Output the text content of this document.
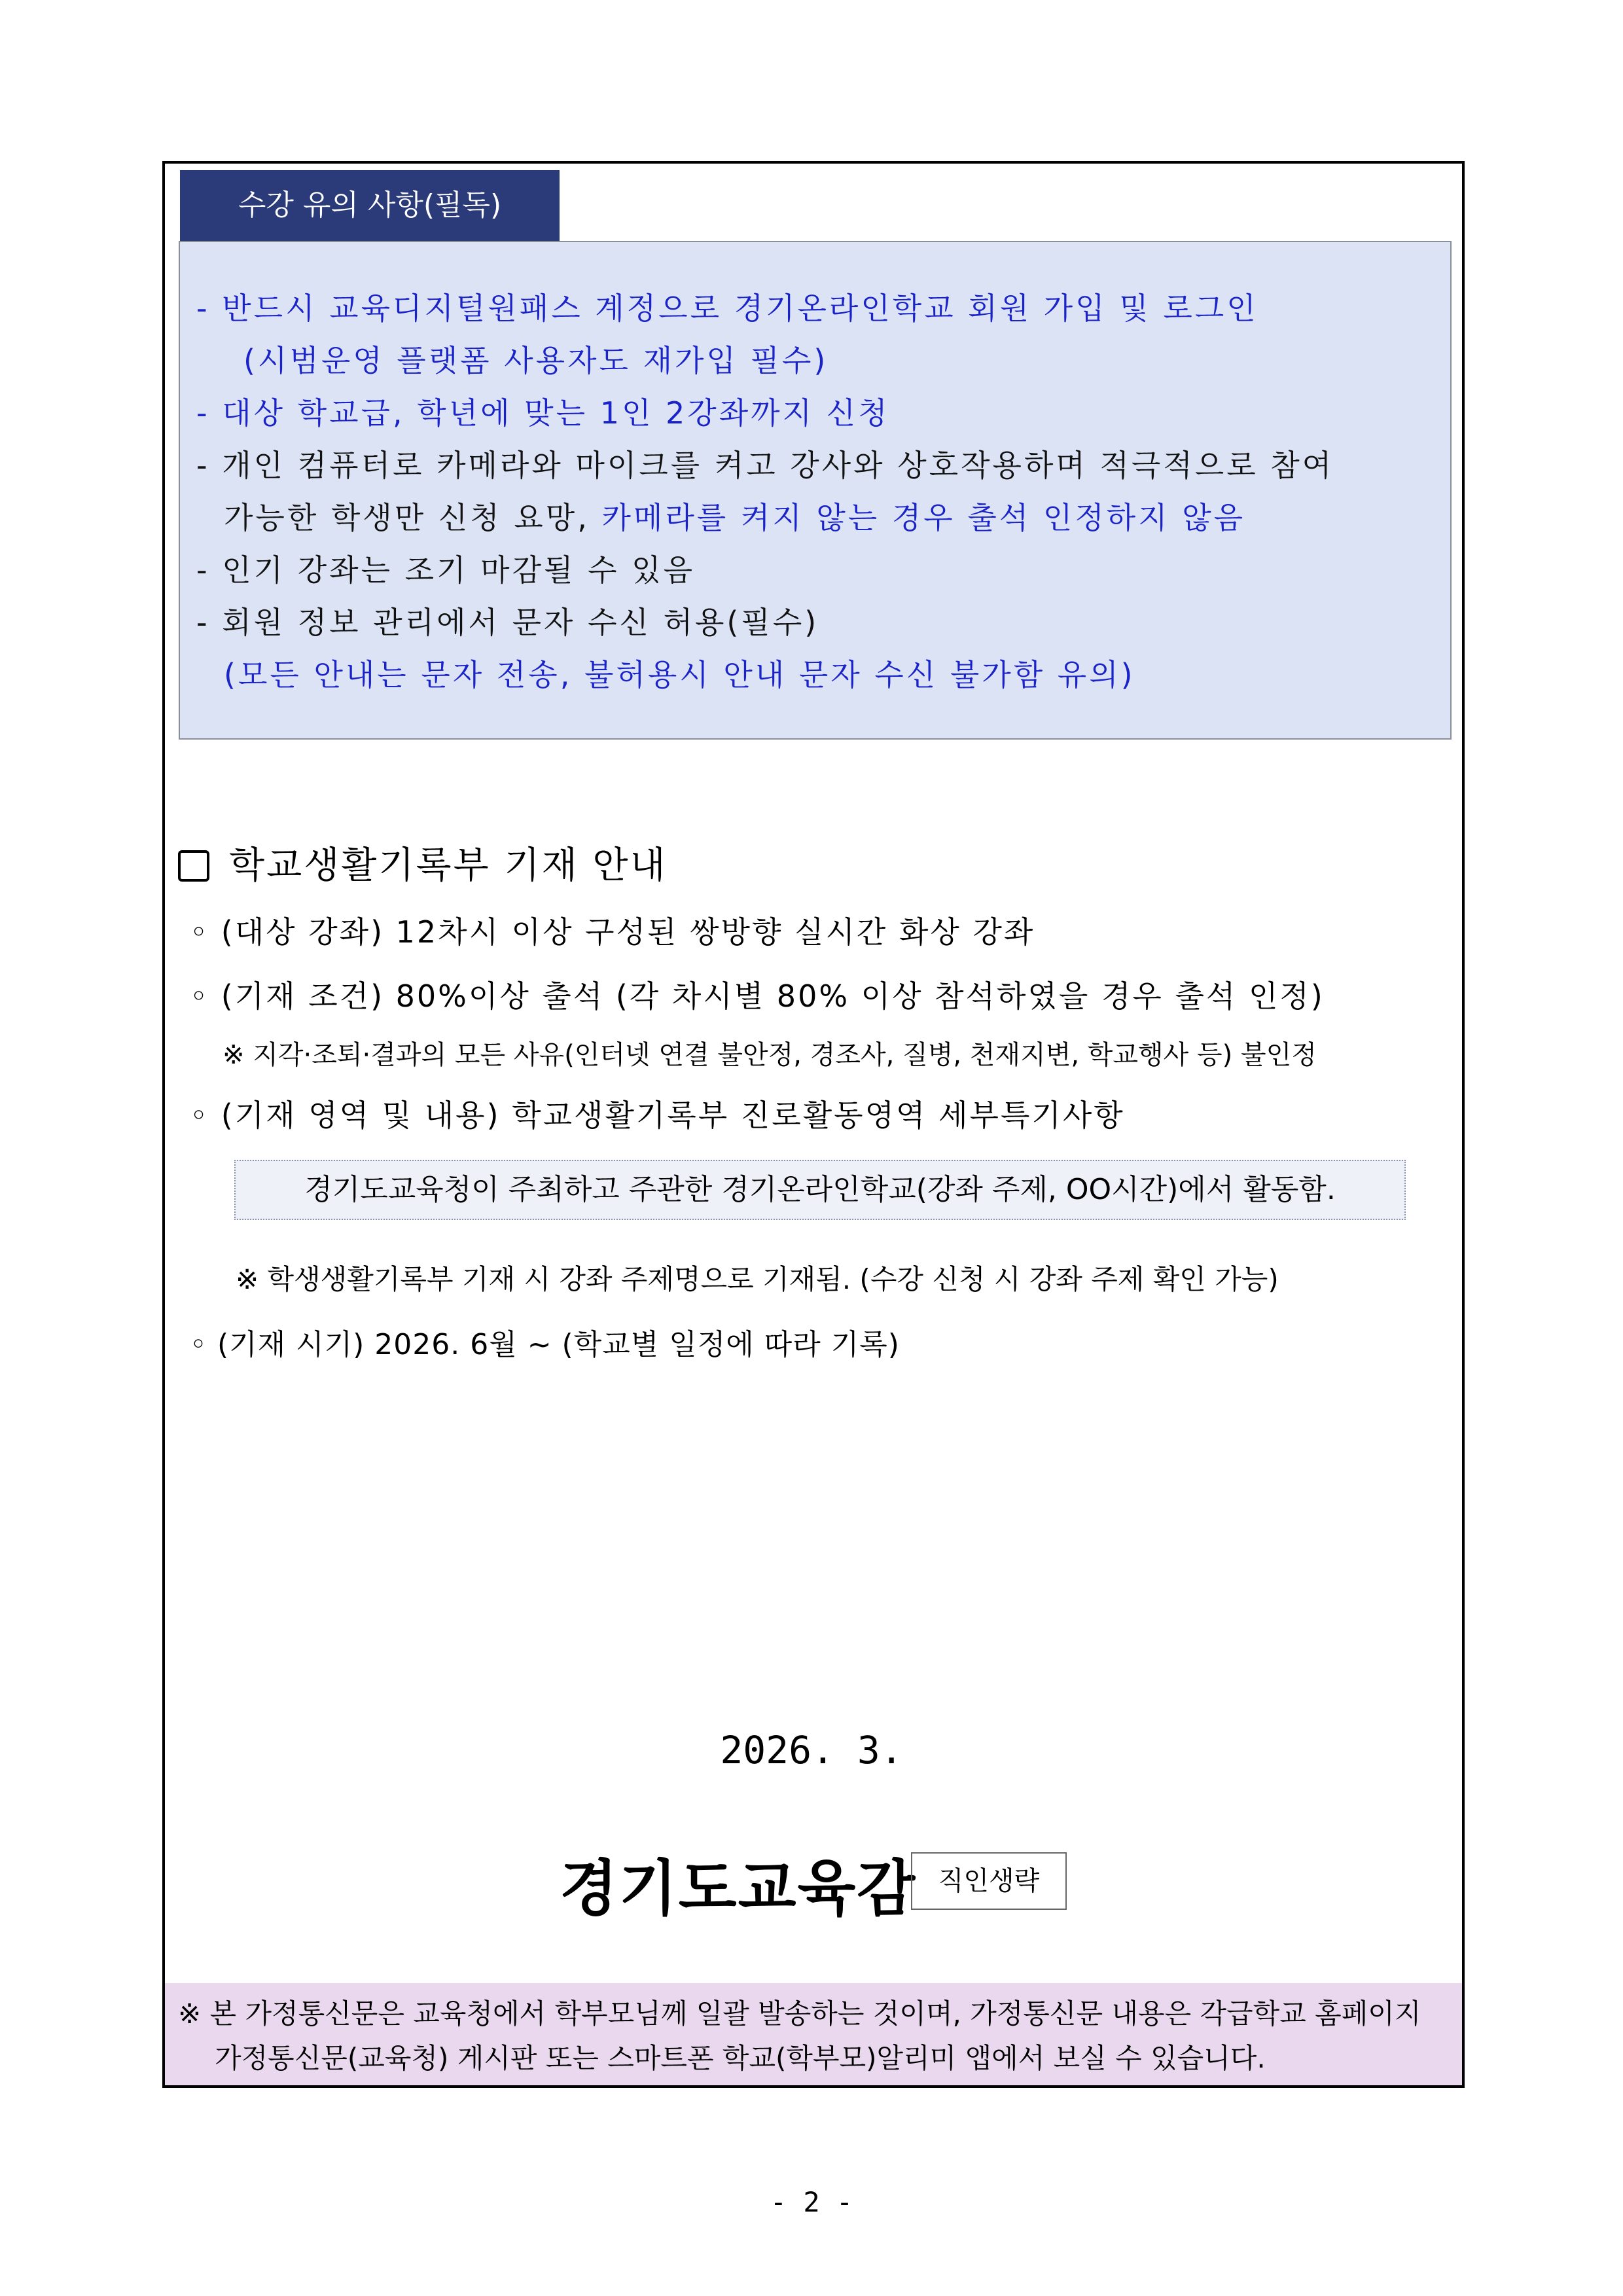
수강 유의 사항(필독)
- 반드시 교육디지털원패스 계정으로 경기온라인학교 회원 가입 및 로그인
(시범운영 플랫폼 사용자도 재가입 필수)
- 대상 학교급, 학년에 맞는 1인 2강좌까지 신청
- 개인 컴퓨터로 카메라와 마이크를 켜고 강사와 상호작용하며 적극적으로 참여
가능한 학생만 신청 요망, 카메라를 켜지 않는 경우 출석 인정하지 않음
- 인기 강좌는 조기 마감될 수 있음
- 회원 정보 관리에서 문자 수신 허용(필수)
(모든 안내는 문자 전송, 불허용시 안내 문자 수신 불가함 유의)
학교생활기록부 기재 안내
◦ (대상 강좌) 12차시 이상 구성된 쌍방향 실시간 화상 강좌
◦ (기재 조건) 80%이상 출석 (각 차시별 80% 이상 참석하였을 경우 출석 인정)
※ 지각·조퇴·결과의 모든 사유(인터넷 연결 불안정, 경조사, 질병, 천재지변, 학교행사 등) 불인정
◦ (기재 영역 및 내용) 학교생활기록부 진로활동영역 세부특기사항
경기도교육청이 주최하고 주관한 경기온라인학교(강좌 주제, OO시간)에서 활동함.
※ 학생생활기록부 기재 시 강좌 주제명으로 기재됨. (수강 신청 시 강좌 주제 확인 가능)
◦ (기재 시기) 2026. 6월 ~ (학교별 일정에 따라 기록)
2026. 3.
경기도교육감 직인생략
※ 본 가정통신문은 교육청에서 학부모님께 일괄 발송하는 것이며, 가정통신문 내용은 각급학교 홈페이지
가정통신문(교육청) 게시판 또는 스마트폰 학교(학부모)알리미 앱에서 보실 수 있습니다.
- 2 -
